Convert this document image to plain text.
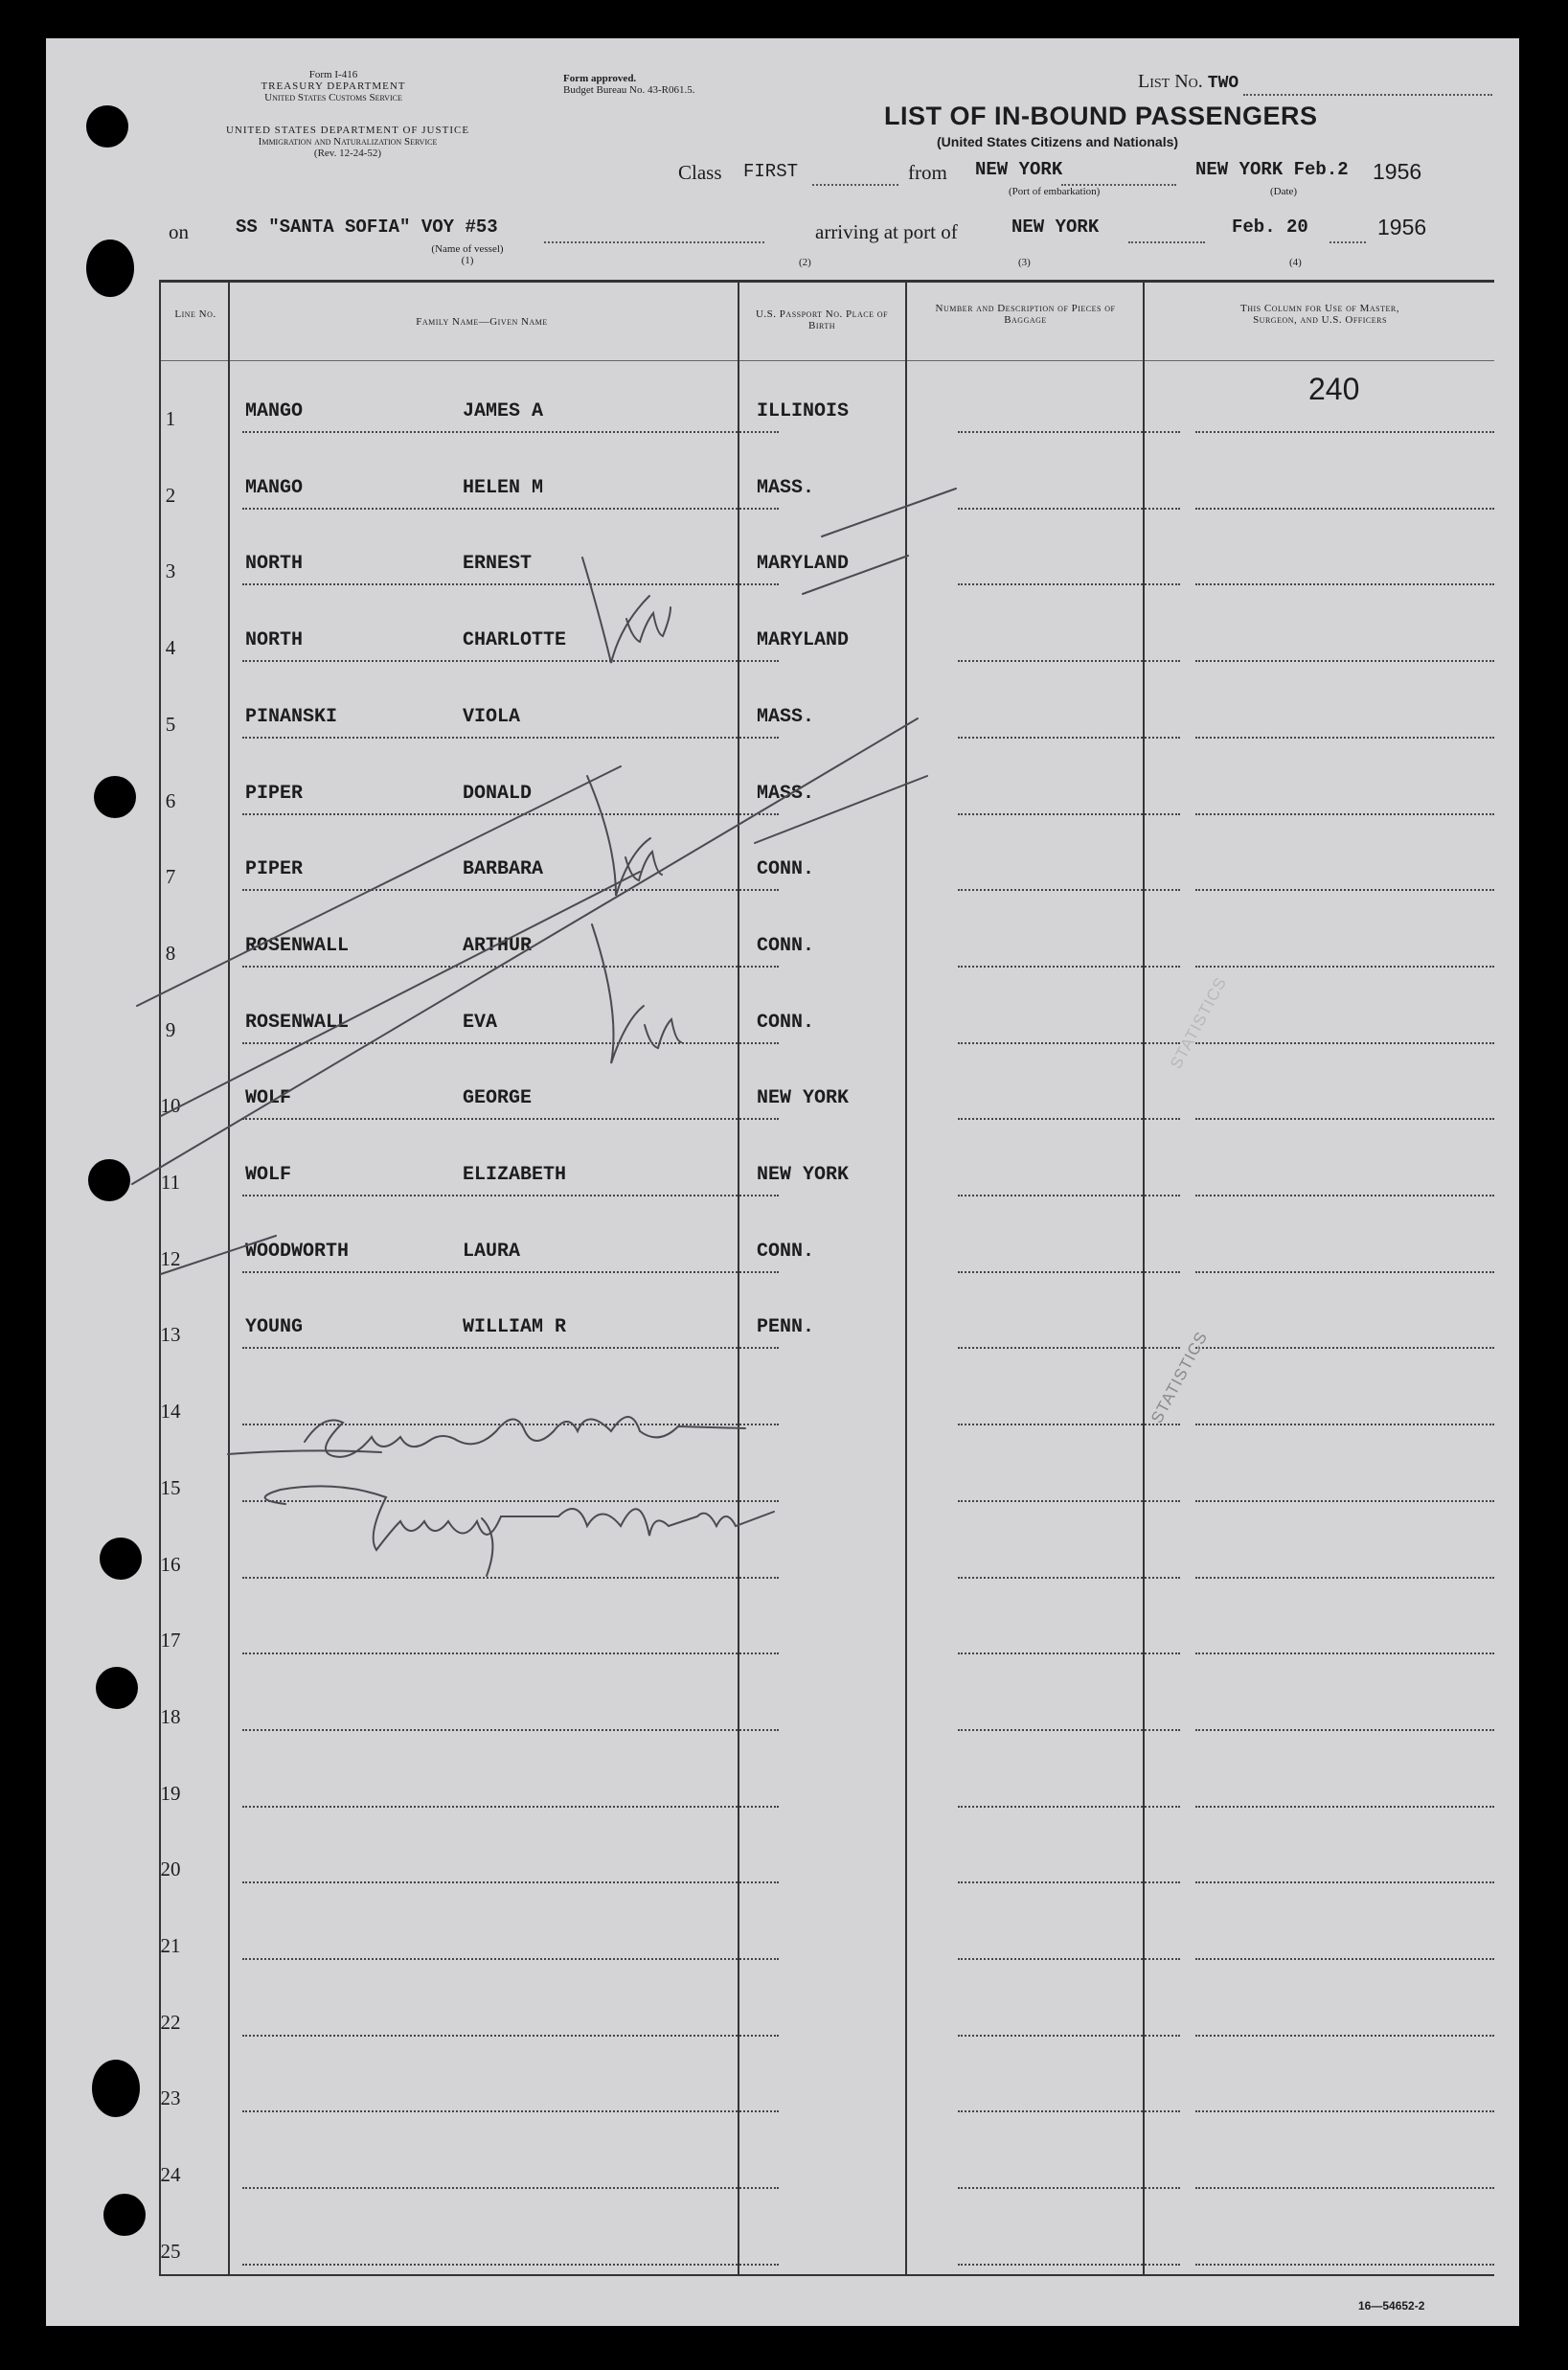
Form I-416
TREASURY DEPARTMENT
United States Customs Service
UNITED STATES DEPARTMENT OF JUSTICE
Immigration and Naturalization Service
(Rev. 12-24-52)
Form approved.
Budget Bureau No. 43-R061.5.	List No. TWO
LIST OF IN-BOUND PASSENGERS
(United States Citizens and Nationals)
Class FIRST	from NEW YORK
(Port of embarkation)
NEW YORK Feb.2 1956
(Date)
on	SS "SANTA SOFIA" VOY #53
(Name of vessel)
(1)	(2)
arriving at port of	NEW YORK
(3)
Feb. 20	1956
(4)
Line No.
Family Name—Given Name
U.S. Passport No. Place of Birth
Number and Description of Pieces of Baggage
This Column for Use of Master, Surgeon, and U.S. Officers
1	MANGO	JAMES A	ILLINOIS
240
2	MANGO	HELEN M	MASS.
3	NORTH	ERNEST	MARYLAND
4	NORTH	CHARLOTTE	MARYLAND
5	PINANSKI	VIOLA	MASS.
6	PIPER	DONALD	MASS.
7	PIPER	BARBARA	CONN.
8	ROSENWALL	ARTHUR	CONN.
9	ROSENWALL	EVA	CONN.
10	WOLF	GEORGE	NEW YORK
11	WOLF	ELIZABETH	NEW YORK
12	WOODWORTH	LAURA	CONN.
13	YOUNG	WILLIAM R	PENN.
14
15
16
17
18
19
20
21
22
23
24
25
STATISTICS
STATISTICS
16—54652-2
